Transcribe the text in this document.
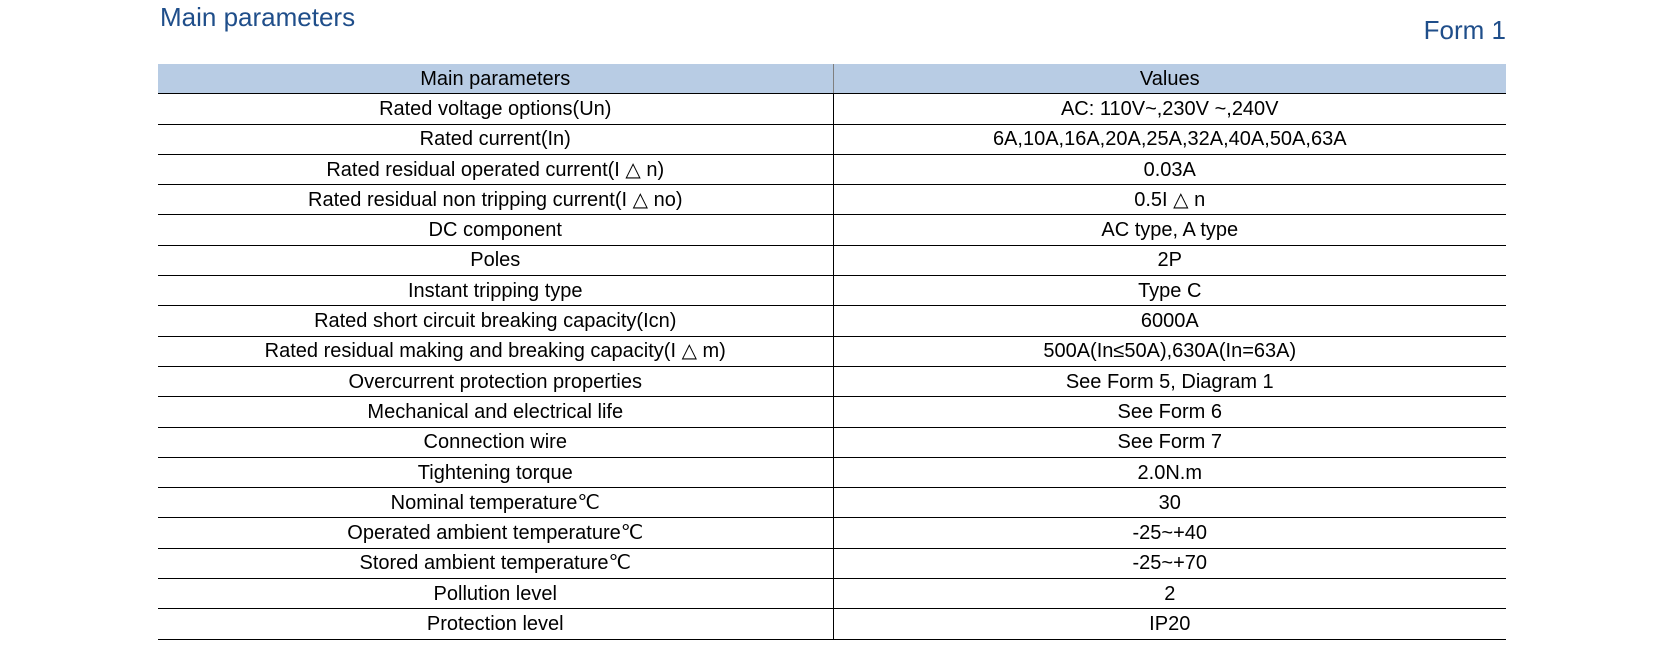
Main parameters	Form 1
Main parameters	Values
Rated voltage options(Un)	AC: 110V~,230V ~,240V
Rated current(In)	6A,10A,16A,20A,25A,32A,40A,50A,63A
Rated residual operated current(I △ n)	0.03A
Rated residual non tripping current(I △ no)	0.5I △ n
DC component	AC type, A type
Poles	2P
Instant tripping type	Type C
Rated short circuit breaking capacity(Icn)	6000A
Rated residual making and breaking capacity(I △ m)	500A(In≤50A),630A(In=63A)
Overcurrent protection properties	See Form 5, Diagram 1
Mechanical and electrical life	See Form 6
Connection wire	See Form 7
Tightening torque	2.0N.m
Nominal temperature℃	30
Operated ambient temperature℃	-25~+40
Stored ambient temperature℃	-25~+70
Pollution level	2
Protection level	IP20
